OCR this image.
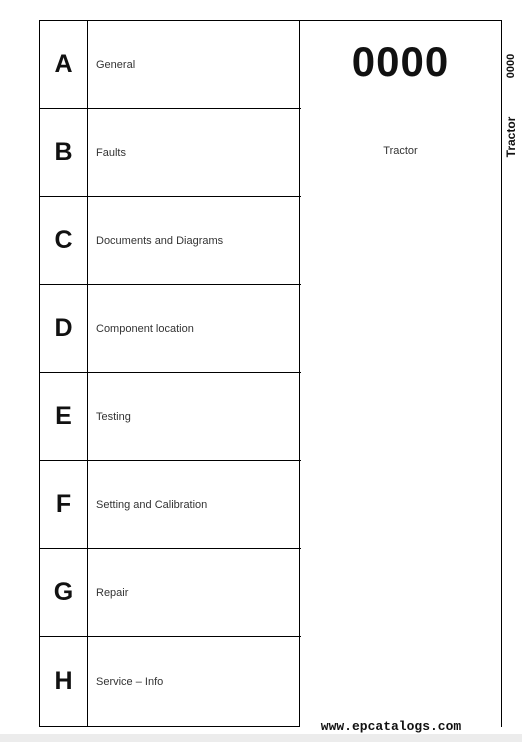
A	General
B	Faults
C	Documents and Diagrams
D	Component location
E	Testing
F	Setting and Calibration
G	Repair
H	Service – Info
0000
Tractor
0000
Tractor
www.epcatalogs.com
